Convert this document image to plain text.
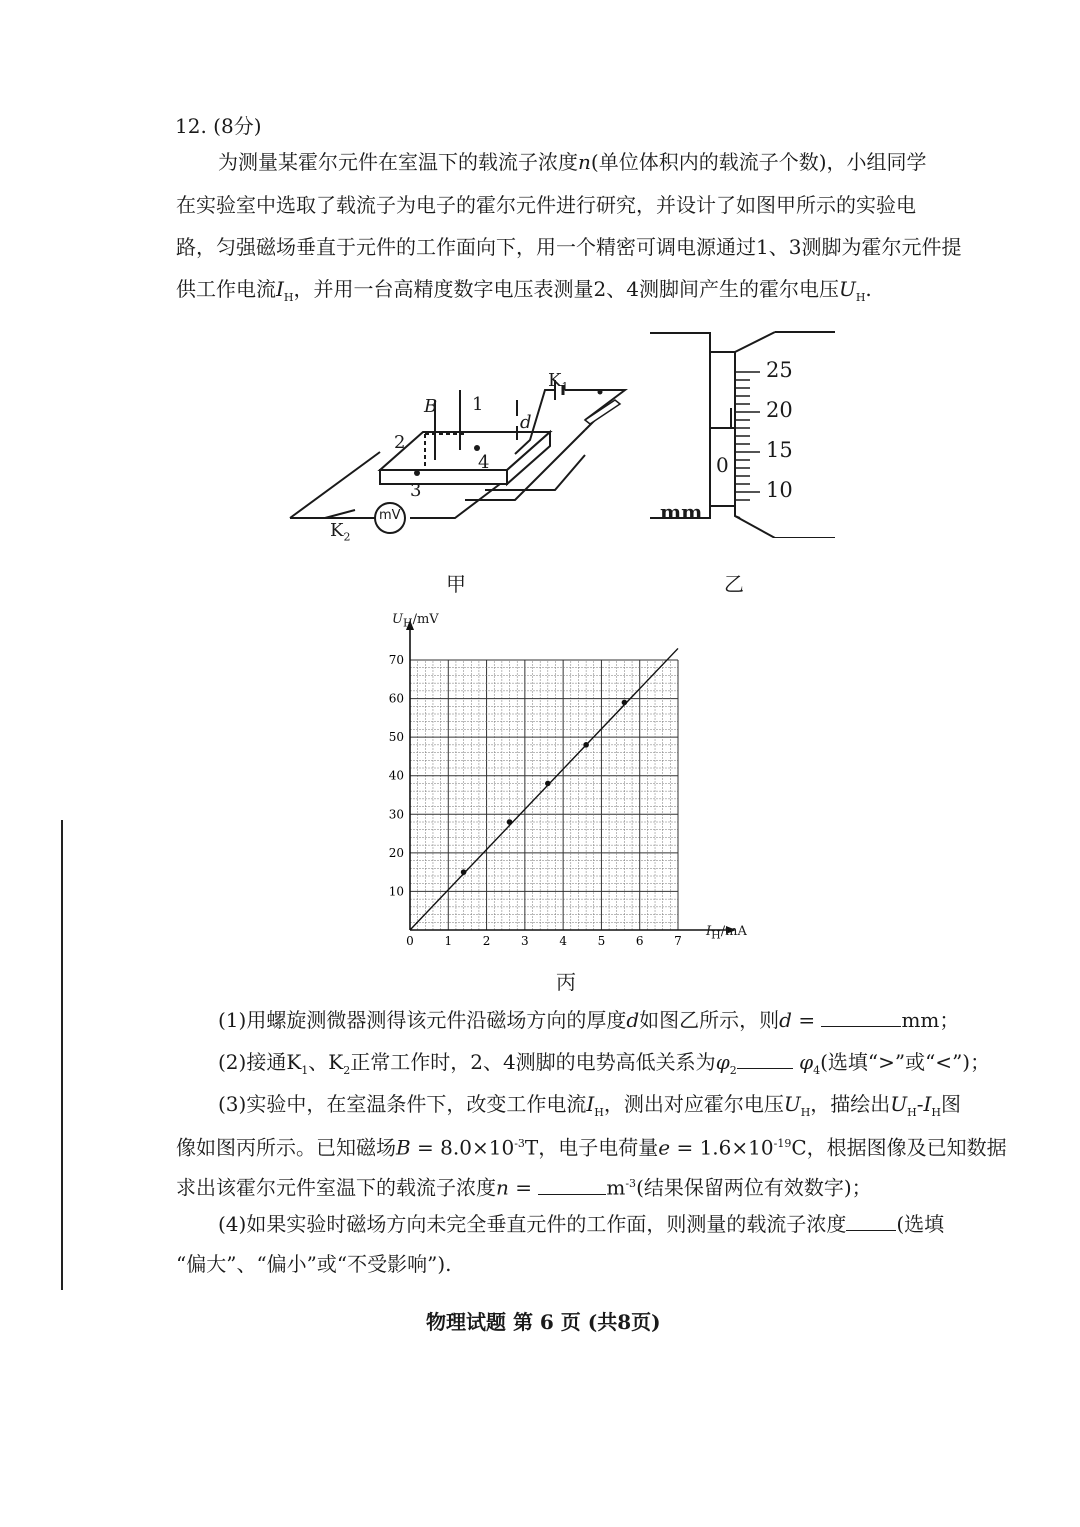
12. (8分)
为测量某霍尔元件在室温下的载流子浓度n(单位体积内的载流子个数)，小组同学
在实验室中选取了载流子为电子的霍尔元件进行研究，并设计了如图甲所示的实验电
路，匀强磁场垂直于元件的工作面向下，用一个精密可调电源通过1、3测脚为霍尔元件提
供工作电流$I_H$，并用一台高精度数字电压表测量2、4测脚间产生的霍尔电压$U_H$.
B 1
2
3
4
d
$K_1$
$K_2$
mV
甲
25
20
15
10
0
mm
乙
0	1	2	3	4	5	6	7
10
20
30
40
50
60
70
$U_H/mV$
$I_H/mA$
丙
(1)用螺旋测微器测得该元件沿磁场方向的厚度d如图乙所示，则d =	mm；
(2)接通$K_1$、$K_2$正常工作时，2、4测脚的电势高低关系为$\varphi_2$	$\varphi_4$(选填“>”或“<”)；
(3)实验中，在室温条件下，改变工作电流$I_H$，测出对应霍尔电压$U_H$，描绘出$U_H-I_H$图
像如图丙所示。已知磁场$B = 8.0\times 10^{-3}T$，电子电荷量$e = 1.6\times 10^{-19}C$，根据图像及已知数据
求出该霍尔元件室温下的载流子浓度n =	$m^{-3}$(结果保留两位有效数字)；
(4)如果实验时磁场方向未完全垂直元件的工作面，则测量的载流子浓度	(选填
“偏大”、“偏小”或“不受影响”).
物理试题 第 6 页 (共8页)
